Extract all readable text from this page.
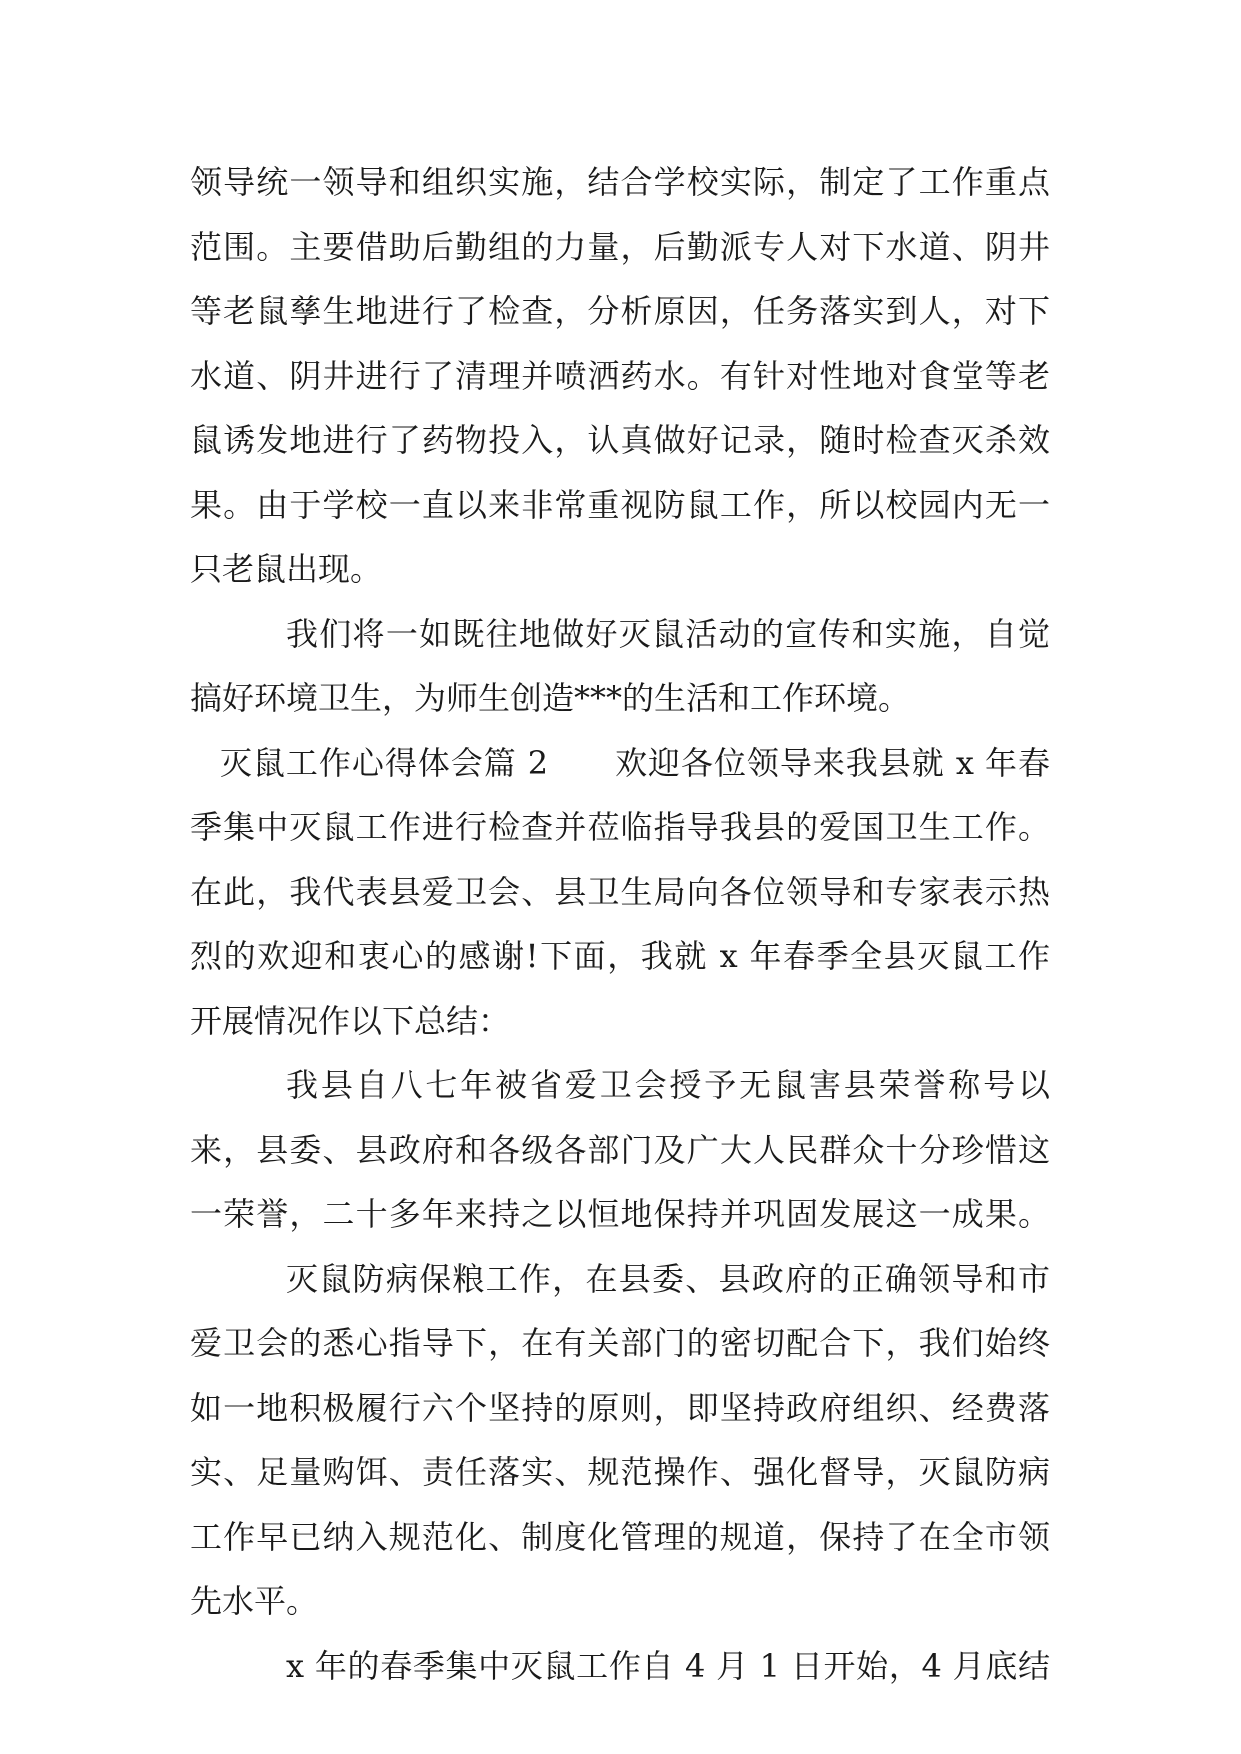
领导统一领导和组织实施，结合学校实际，制定了工作重点
范围。主要借助后勤组的力量，后勤派专人对下水道、阴井
等老鼠孳生地进行了检查，分析原因，任务落实到人，对下
水道、阴井进行了清理并喷洒药水。有针对性地对食堂等老
鼠诱发地进行了药物投入，认真做好记录，随时检查灭杀效
果。由于学校一直以来非常重视防鼠工作，所以校园内无一
只老鼠出现。
我们将一如既往地做好灭鼠活动的宣传和实施，自觉
搞好环境卫生，为师生创造***的生活和工作环境。
灭鼠工作心得体会篇 2　　欢迎各位领导来我县就 x 年春
季集中灭鼠工作进行检查并莅临指导我县的爱国卫生工作。
在此，我代表县爱卫会、县卫生局向各位领导和专家表示热
烈的欢迎和衷心的感谢!下面，我就 x 年春季全县灭鼠工作
开展情况作以下总结：
我县自八七年被省爱卫会授予无鼠害县荣誉称号以
来，县委、县政府和各级各部门及广大人民群众十分珍惜这
一荣誉，二十多年来持之以恒地保持并巩固发展这一成果。
灭鼠防病保粮工作，在县委、县政府的正确领导和市
爱卫会的悉心指导下，在有关部门的密切配合下，我们始终
如一地积极履行六个坚持的原则，即坚持政府组织、经费落
实、足量购饵、责任落实、规范操作、强化督导，灭鼠防病
工作早已纳入规范化、制度化管理的规道，保持了在全市领
先水平。
x 年的春季集中灭鼠工作自 4 月 1 日开始，4 月底结
